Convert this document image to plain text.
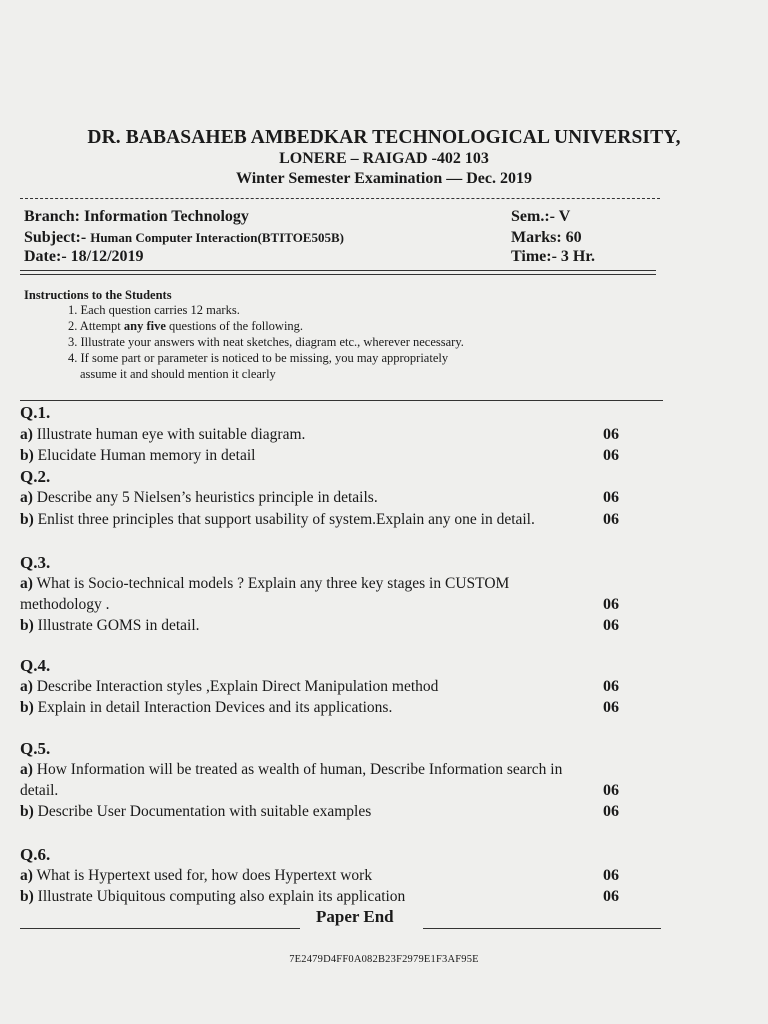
DR. BABASAHEB AMBEDKAR TECHNOLOGICAL UNIVERSITY,
LONERE – RAIGAD -402 103
Winter Semester Examination — Dec. 2019
Branch: Information Technology
Subject:- Human Computer Interaction(BTITOE505B)
Date:- 18/12/2019
Sem.:- V
Marks: 60
Time:- 3 Hr.
Instructions to the Students
1. Each question carries 12 marks.
2. Attempt any five questions of the following.
3. Illustrate your answers with neat sketches, diagram etc., wherever necessary.
4. If some part or parameter is noticed to be missing, you may appropriately
assume it and should mention it clearly
Q.1.
a) Illustrate human eye with suitable diagram.	06
b) Elucidate Human memory in detail	06
Q.2.
a) Describe any 5 Nielsen’s heuristics principle in details.	06
b) Enlist three principles that support usability of system.Explain any one in detail.	06
Q.3.
a) What is Socio-technical models ? Explain any three key stages in CUSTOM
methodology .	06
b) Illustrate GOMS in detail.	06
Q.4.
a) Describe Interaction styles ,Explain Direct Manipulation method	06
b) Explain in detail Interaction Devices and its applications.	06
Q.5.
a) How Information will be treated as wealth of human, Describe Information search in
detail.	06
b) Describe User Documentation with suitable examples	06
Q.6.
a) What is Hypertext used for, how does Hypertext work	06
b) Illustrate Ubiquitous computing also explain its application	06
Paper End
7E2479D4FF0A082B23F2979E1F3AF95E
